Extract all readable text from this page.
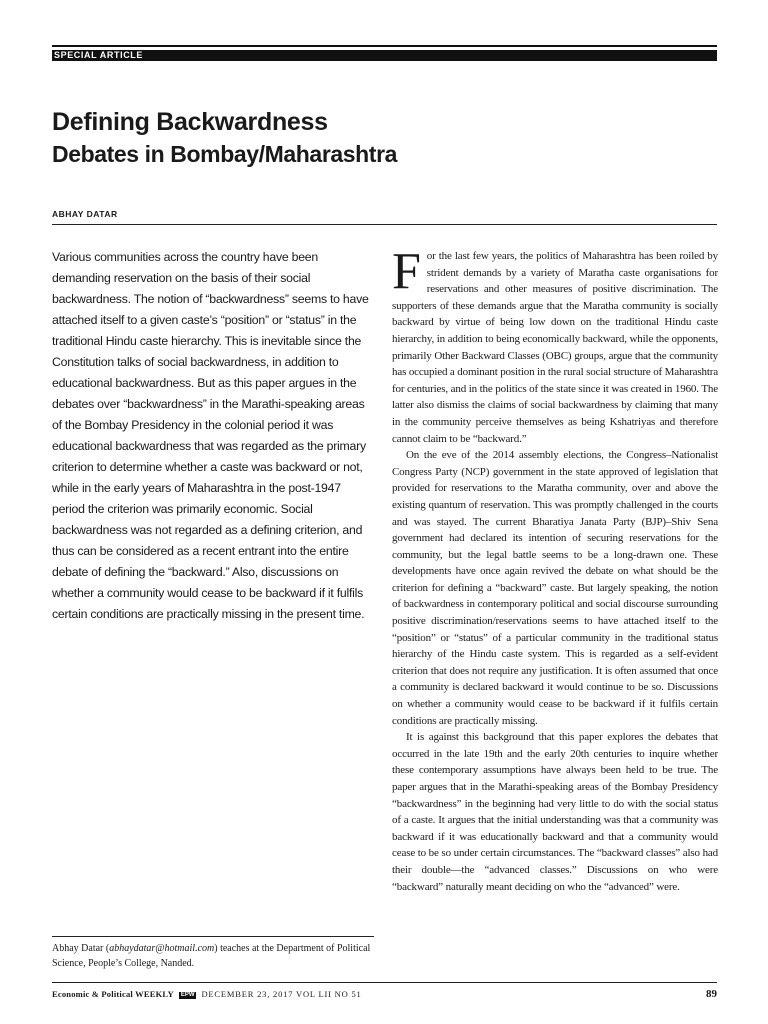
SPECIAL ARTICLE
Defining Backwardness
Debates in Bombay/Maharashtra
ABHAY DATAR

Various communities across the country have been demanding reservation on the basis of their social backwardness. The notion of “backwardness” seems to have attached itself to a given caste’s “position” or “status” in the traditional Hindu caste hierarchy. This is inevitable since the Constitution talks of social backwardness, in addition to educational backwardness. But as this paper argues in the debates over “backwardness” in the Marathi-speaking areas of the Bombay Presidency in the colonial period it was educational backwardness that was regarded as the primary criterion to determine whether a caste was backward or not, while in the early years of Maharashtra in the post-1947 period the criterion was primarily economic. Social backwardness was not regarded as a defining criterion, and thus can be considered as a recent entrant into the entire debate of defining the “backward.” Also, discussions on whether a community would cease to be backward if it fulfils certain conditions are practically missing in the present time.

Abhay Datar (abhaydatar@hotmail.com) teaches at the Department of Political Science, People’s College, Nanded.

For the last few years, the politics of Maharashtra has been roiled by strident demands by a variety of Maratha caste organisations for reservations and other measures of positive discrimination. The supporters of these demands argue that the Maratha community is socially backward by virtue of being low down on the traditional Hindu caste hierarchy, in addition to being economically backward, while the opponents, primarily Other Backward Classes (OBC) groups, argue that the community has occupied a dominant position in the rural social structure of Maharashtra for centuries, and in the politics of the state since it was created in 1960. The latter also dismiss the claims of social backwardness by claiming that many in the community perceive themselves as being Kshatriyas and therefore cannot claim to be “backward.”

On the eve of the 2014 assembly elections, the Congress–Nationalist Congress Party (NCP) government in the state approved of legislation that provided for reservations to the Maratha community, over and above the existing quantum of reservation. This was promptly challenged in the courts and was stayed. The current Bharatiya Janata Party (BJP)–Shiv Sena government had declared its intention of securing reservations for the community, but the legal battle seems to be a long-drawn one. These developments have once again revived the debate on what should be the criterion for defining a “backward” caste. But largely speaking, the notion of backwardness in contemporary political and social discourse surrounding positive discrimination/reservations seems to have attached itself to the “position” or “status” of a particular community in the traditional status hierarchy of the Hindu caste system. This is regarded as a self-evident criterion that does not require any justification. It is often assumed that once a community is declared backward it would continue to be so. Discussions on whether a community would cease to be backward if it fulfils certain conditions are practically missing.

It is against this background that this paper explores the debates that occurred in the late 19th and the early 20th centuries to inquire whether these contemporary assumptions have always been held to be true. The paper argues that in the Marathi-speaking areas of the Bombay Presidency “backwardness” in the beginning had very little to do with the social status of a caste. It argues that the initial understanding was that a community was backward if it was educationally backward and that a community would cease to be so under certain circumstances. The “backward classes” also had their double—the “advanced classes.” Discussions on who were “backward” naturally meant deciding on who the “advanced” were.

Economic & Political WEEKLY EPW DECEMBER 23, 2017 VOL LII NO 51	89
